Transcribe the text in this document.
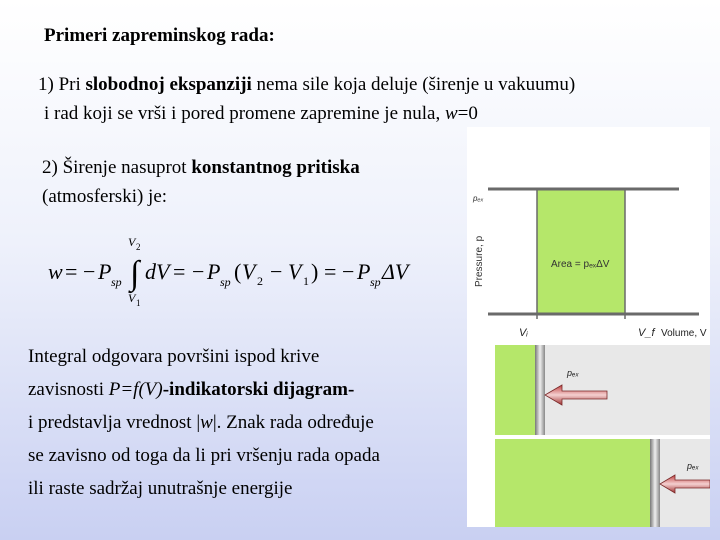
Primeri zapreminskog rada:
1) Pri slobodnoj ekspanziji nema sile koja deluje (širenje u vakuumu)
i rad koji se vrši i pored promene zapremine je nula, w=0
2) Širenje nasuprot konstantnog pritiska
(atmosferski) je:
w = − P sp
V 2
∫
V 1
dV = − P sp ( V 2 − V 1 ) = − P sp ΔV
Integral odgovara površini ispod krive
zavisnosti P=f(V)-indikatorski dijagram-
i predstavlja vrednost |w|. Znak rada određuje
se zavisno od toga da li pri vršenju rada opada
ili raste sadržaj unutrašnje energije
pₑₓ
Pressure, p	Area = pₑₓΔV
Vᵢ	V_f Volume, V
pₑₓ
pₑₓ
